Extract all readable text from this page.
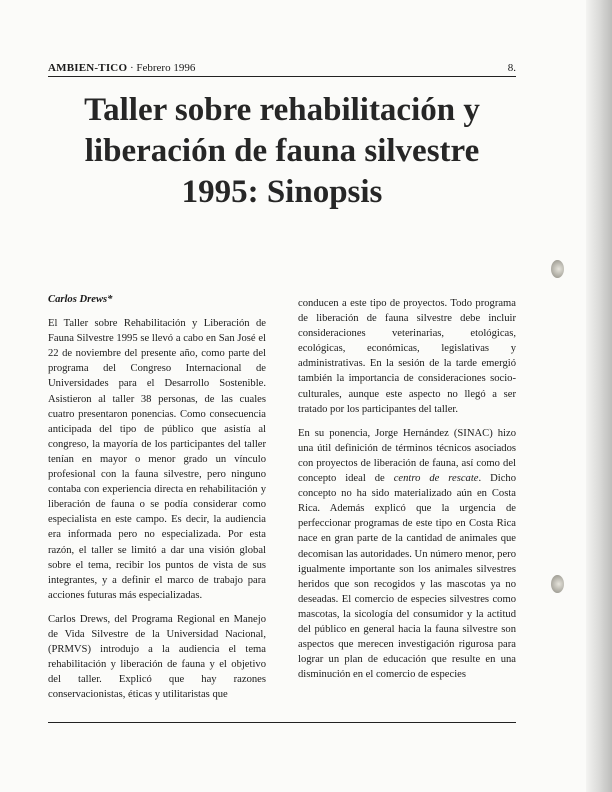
AMBIEN-TICO · Febrero 1996	8.
Taller sobre rehabilitación y
liberación de fauna silvestre
1995: Sinopsis

Carlos Drews*

El Taller sobre Rehabilitación y Liberación de Fauna Silvestre 1995 se llevó a cabo en San José el 22 de noviembre del presente año, como parte del programa del Congreso Internacional de Universidades para el Desarrollo Sostenible. Asistieron al taller 38 personas, de las cuales cuatro presentaron ponencias. Como consecuencia anticipada del tipo de público que asistía al congreso, la mayoría de los participantes del taller tenían en mayor o menor grado un vínculo profesional con la fauna silvestre, pero ninguno contaba con experiencia directa en rehabilitación y liberación de fauna o se podía considerar como especialista en este campo. Es decir, la audiencia era informada pero no especializada. Por esta razón, el taller se limitó a dar una visión global sobre el tema, recibir los puntos de vista de sus integrantes, y a definir el marco de trabajo para acciones futuras más especializadas.

Carlos Drews, del Programa Regional en Manejo de Vida Silvestre de la Universidad Nacional, (PRMVS) introdujo a la audiencia el tema rehabilitación y liberación de fauna y el objetivo del taller. Explicó que hay razones conservacionistas, éticas y utilitaristas que

conducen a este tipo de proyectos. Todo programa de liberación de fauna silvestre debe incluir consideraciones veterinarias, etológicas, ecológicas, económicas, legislativas y administrativas. En la sesión de la tarde emergió también la importancia de consideraciones socio-culturales, aunque este aspecto no llegó a ser tratado por los participantes del taller.

En su ponencia, Jorge Hernández (SINAC) hizo una útil definición de términos técnicos asociados con proyectos de liberación de fauna, así como del concepto ideal de centro de rescate. Dicho concepto no ha sido materializado aún en Costa Rica. Además explicó que la urgencia de perfeccionar programas de este tipo en Costa Rica nace en gran parte de la cantidad de animales que decomisan las autoridades. Un número menor, pero igualmente importante son los animales silvestres heridos que son recogidos y las mascotas ya no deseadas. El comercio de especies silvestres como mascotas, la sicología del consumidor y la actitud del público en general hacia la fauna silvestre son aspectos que merecen investigación rigurosa para lograr un plan de educación que resulte en una disminución en el comercio de especies
